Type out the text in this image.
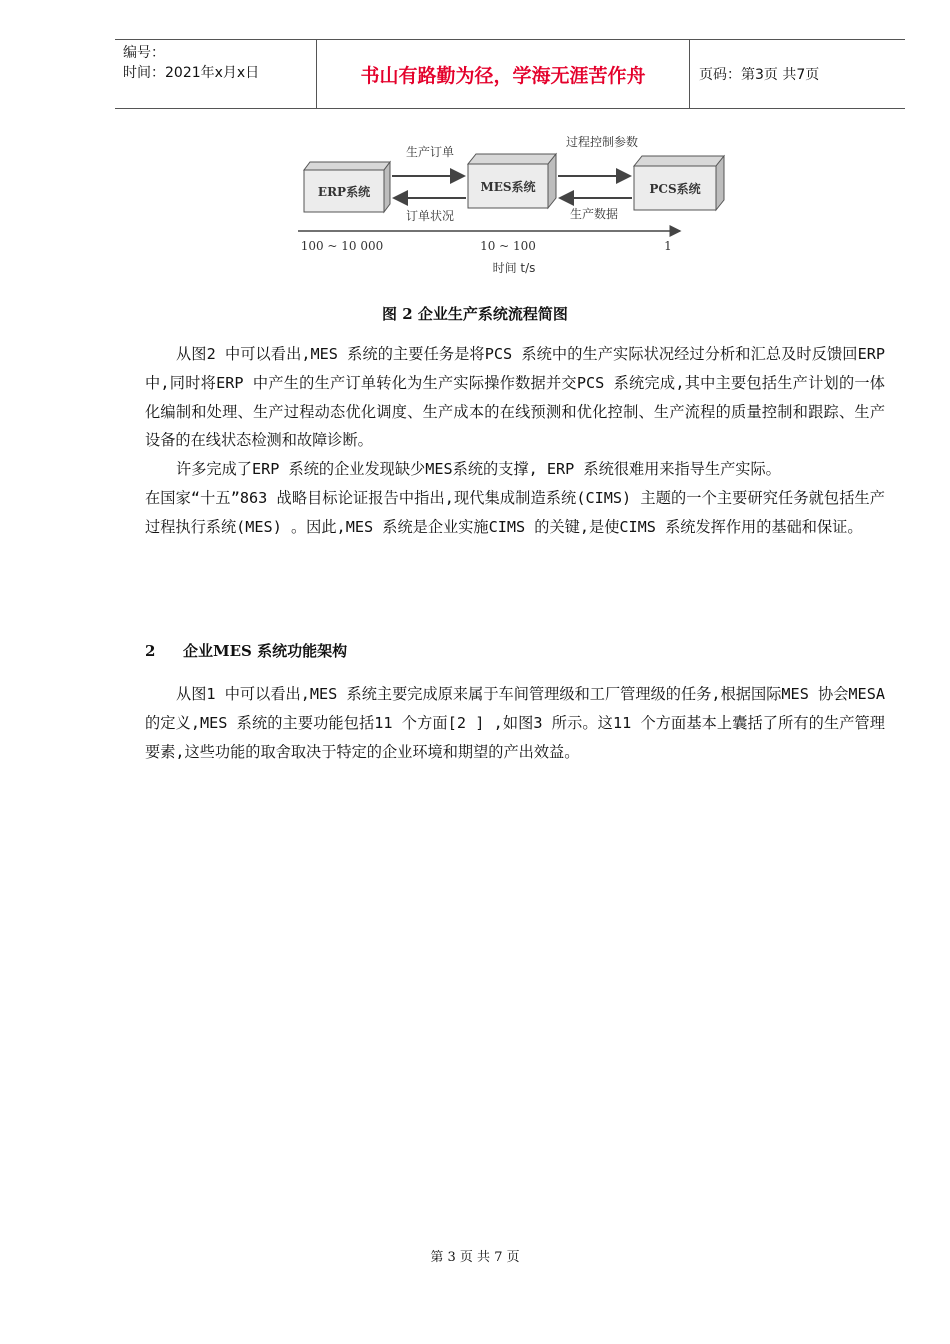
编号：
时间：2021年x月x日	书山有路勤为径，学海无涯苦作舟	页码：第3页 共7页
ERP系统	MES系统	PCS系统
生产订单
订单状况
过程控制参数
生产数据
100 ~ 10 000	10 ~ 100	1
时间 t/s
图 2 企业生产系统流程简图

从图2 中可以看出,MES 系统的主要任务是将PCS 系统中的生产实际状况经过分析和汇总及时反馈回ERP 中,同时将ERP 中产生的生产订单转化为生产实际操作数据并交PCS 系统完成,其中主要包括生产计划的一体化编制和处理、生产过程动态优化调度、生产成本的在线预测和优化控制、生产流程的质量控制和跟踪、生产设备的在线状态检测和故障诊断。

许多完成了ERP 系统的企业发现缺少MES系统的支撑, ERP 系统很难用来指导生产实际。

在国家“十五”863 战略目标论证报告中指出,现代集成制造系统(CIMS) 主题的一个主要研究任务就包括生产过程执行系统(MES) 。因此,MES 系统是企业实施CIMS 的关键,是使CIMS 系统发挥作用的基础和保证。

2 企业MES 系统功能架构

从图1 中可以看出,MES 系统主要完成原来属于车间管理级和工厂管理级的任务,根据国际MES 协会MESA 的定义,MES 系统的主要功能包括11 个方面[2 ] ,如图3 所示。这11 个方面基本上囊括了所有的生产管理要素,这些功能的取舍取决于特定的企业环境和期望的产出效益。

第 3 页 共 7 页
